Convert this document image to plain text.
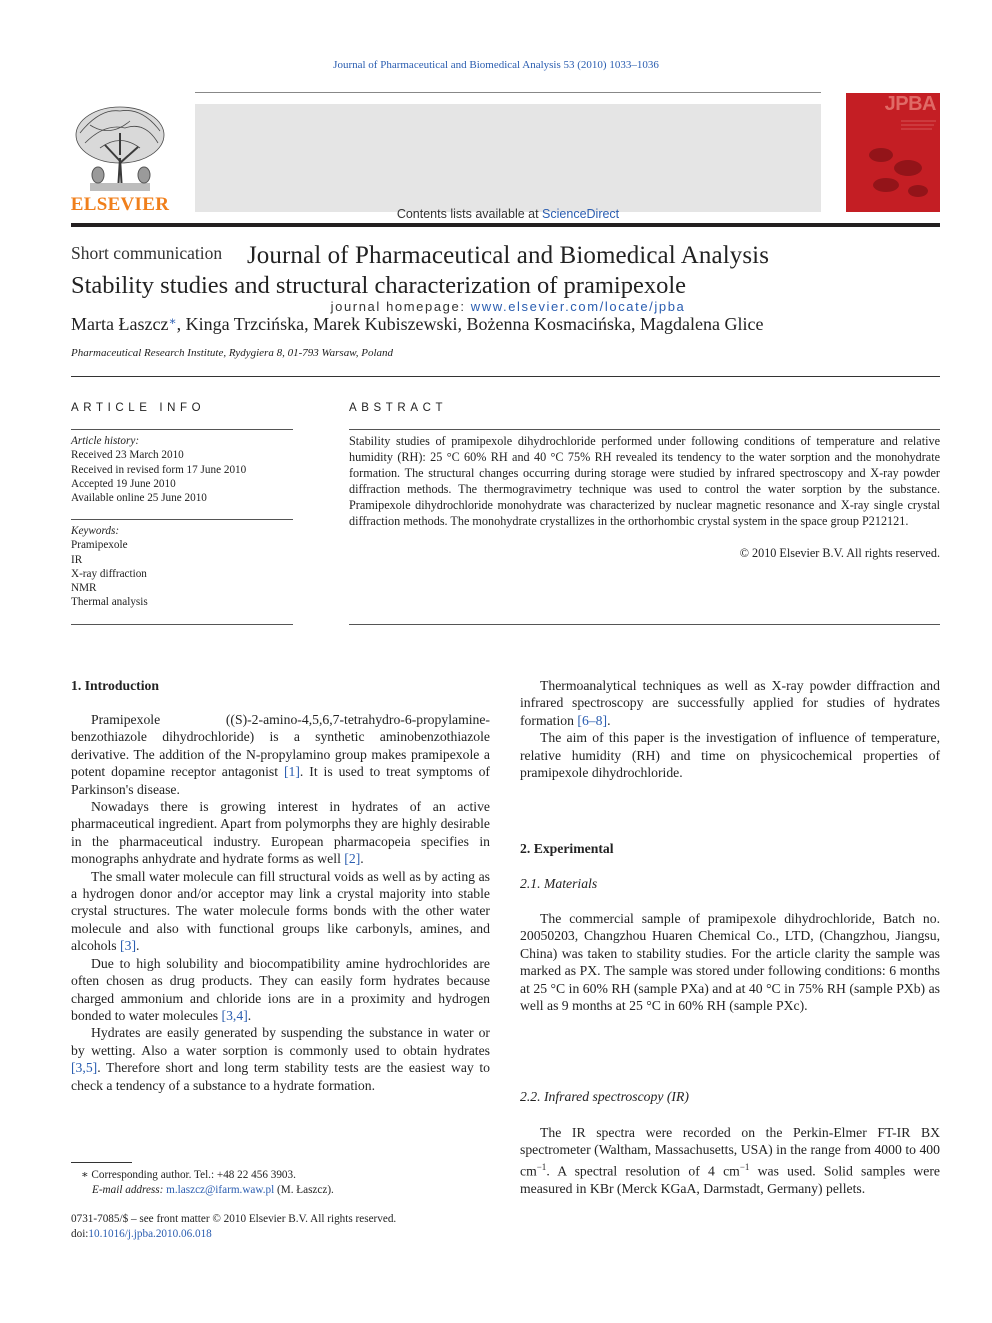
Journal of Pharmaceutical and Biomedical Analysis 53 (2010) 1033–1036
ELSEVIER	Contents lists available at ScienceDirect
Journal of Pharmaceutical and Biomedical Analysis
journal homepage: www.elsevier.com/locate/jpba
JPBA
Short communication
Stability studies and structural characterization of pramipexole
Marta Łaszcz∗, Kinga Trzcińska, Marek Kubiszewski, Bożenna Kosmacińska, Magdalena Glice
Pharmaceutical Research Institute, Rydygiera 8, 01-793 Warsaw, Poland
ARTICLE INFO	ABSTRACT
Article history:
Received 23 March 2010
Received in revised form 17 June 2010
Accepted 19 June 2010
Available online 25 June 2010
Keywords:
Pramipexole
IR
X-ray diffraction
NMR
Thermal analysis
Stability studies of pramipexole dihydrochloride performed under following conditions of temperature and relative humidity (RH): 25 °C 60% RH and 40 °C 75% RH revealed its tendency to the water sorption and the monohydrate formation. The structural changes occurring during storage were studied by infrared spectroscopy and X-ray powder diffraction methods. The thermogravimetry technique was used to control the water sorption by the substance. Pramipexole dihydrochloride monohydrate was characterized by nuclear magnetic resonance and X-ray single crystal diffraction methods. The monohydrate crystallizes in the orthorhombic crystal system in the space group P212121.
© 2010 Elsevier B.V. All rights reserved.
1. Introduction

Pramipexole ((S)-2-amino-4,5,6,7-tetrahydro-6-propylamine-benzothiazole dihydrochloride) is a synthetic aminobenzothiazole derivative. The addition of the N-propylamino group makes pramipexole a potent dopamine receptor antagonist [1]. It is used to treat symptoms of Parkinson's disease.

Nowadays there is growing interest in hydrates of an active pharmaceutical ingredient. Apart from polymorphs they are highly desirable in the pharmaceutical industry. European pharmacopeia specifies in monographs anhydrate and hydrate forms as well [2].

The small water molecule can fill structural voids as well as by acting as a hydrogen donor and/or acceptor may link a crystal majority into stable crystal structures. The water molecule forms bonds with the other water molecule and also with functional groups like carbonyls, amines, and alcohols [3].

Due to high solubility and biocompatibility amine hydrochlorides are often chosen as drug products. They can easily form hydrates because charged ammonium and chloride ions are in a proximity and hydrogen bonded to water molecules [3,4].

Hydrates are easily generated by suspending the substance in water or by wetting. Also a water sorption is commonly used to obtain hydrates [3,5]. Therefore short and long term stability tests are the easiest way to check a tendency of a substance to a hydrate formation.

Thermoanalytical techniques as well as X-ray powder diffraction and infrared spectroscopy are successfully applied for studies of hydrates formation [6–8].

The aim of this paper is the investigation of influence of temperature, relative humidity (RH) and time on physicochemical properties of pramipexole dihydrochloride.

2. Experimental
2.1. Materials

The commercial sample of pramipexole dihydrochloride, Batch no. 20050203, Changzhou Huaren Chemical Co., LTD, (Changzhou, Jiangsu, China) was taken to stability studies. For the article clarity the sample was marked as PX. The sample was stored under following conditions: 6 months at 25 °C in 60% RH (sample PXa) and at 40 °C in 75% RH (sample PXb) as well as 9 months at 25 °C in 60% RH (sample PXc).

2.2. Infrared spectroscopy (IR)

The IR spectra were recorded on the Perkin-Elmer FT-IR BX spectrometer (Waltham, Massachusetts, USA) in the range from 4000 to 400 $cm^{-1}$. A spectral resolution of 4 $cm^{-1}$ was used. Solid samples were measured in KBr (Merck KGaA, Darmstadt, Germany) pellets.

∗ Corresponding author. Tel.: +48 22 456 3903.
E-mail address: m.laszcz@ifarm.waw.pl (M. Łaszcz).
0731-7085/$ – see front matter © 2010 Elsevier B.V. All rights reserved.
doi:10.1016/j.jpba.2010.06.018
